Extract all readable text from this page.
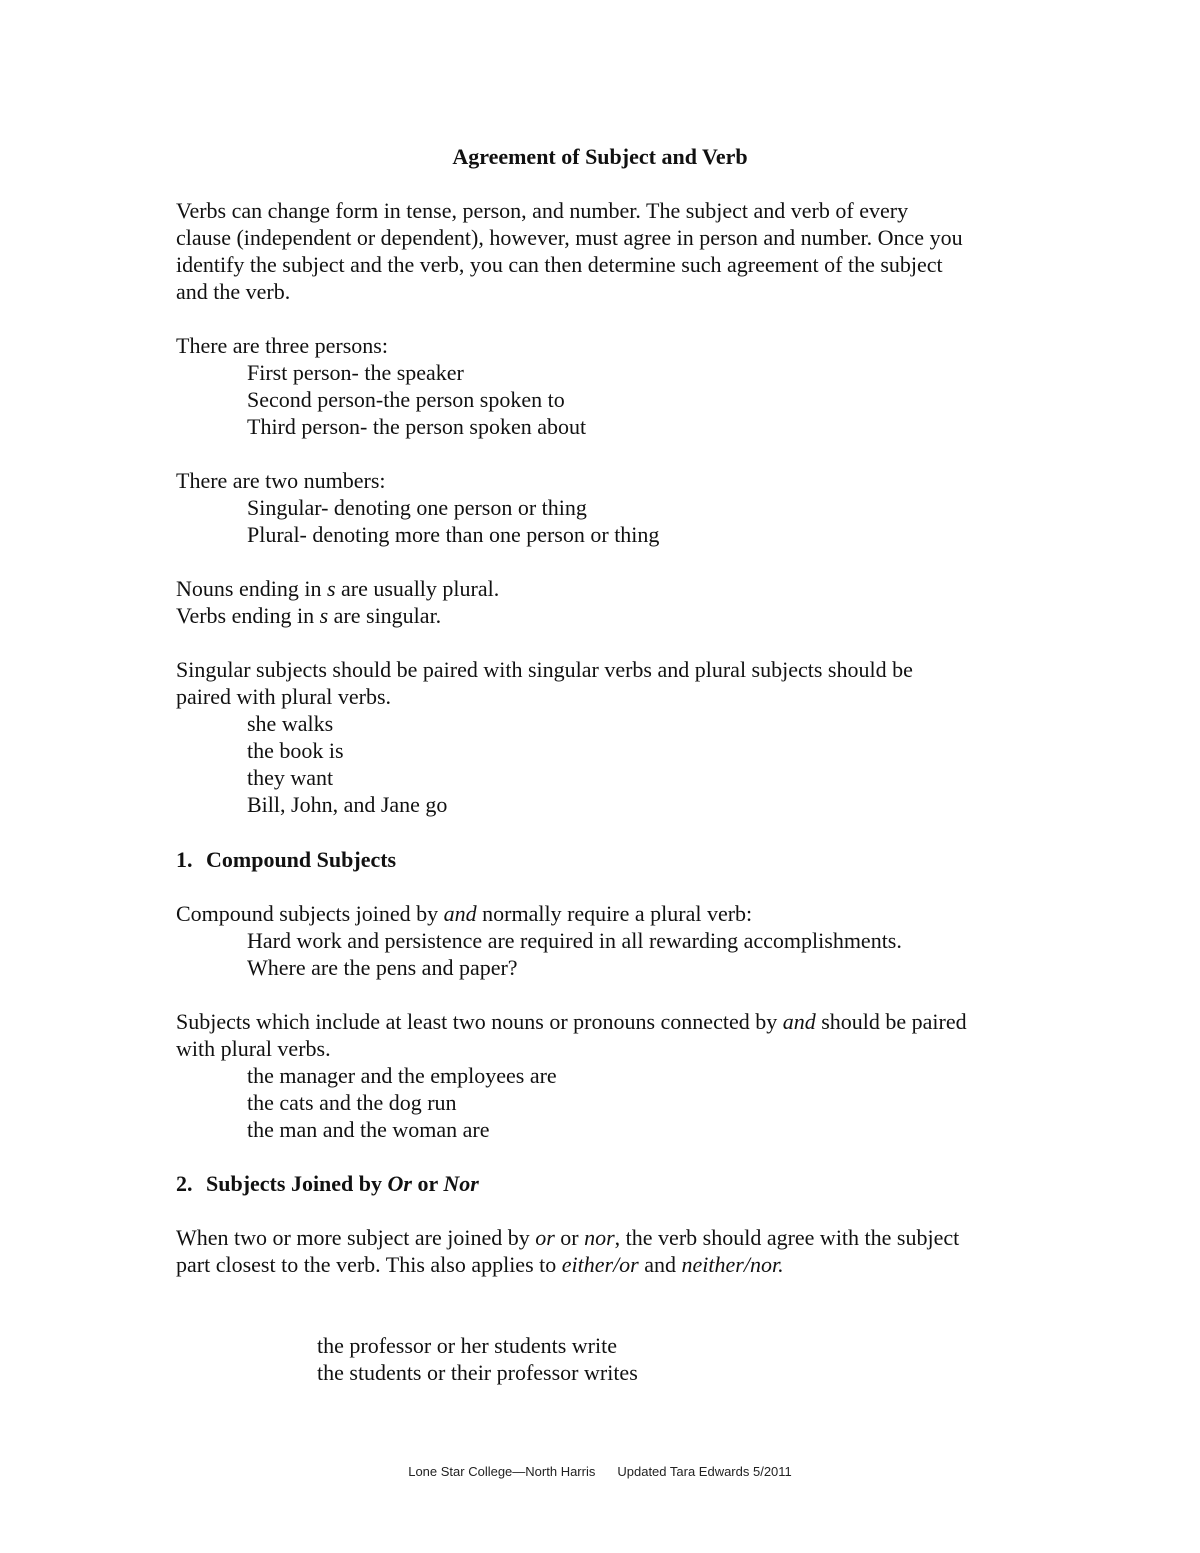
Agreement of Subject and Verb

Verbs can change form in tense, person, and number. The subject and verb of every

clause (independent or dependent), however, must agree in person and number. Once you

identify the subject and the verb, you can then determine such agreement of the subject

and the verb.

There are three persons:

First person- the speaker

Second person-the person spoken to

Third person- the person spoken about

There are two numbers:

Singular- denoting one person or thing

Plural- denoting more than one person or thing

Nouns ending in s are usually plural.

Verbs ending in s are singular.

Singular subjects should be paired with singular verbs and plural subjects should be

paired with plural verbs.

she walks

the book is

they want

Bill, John, and Jane go

1. Compound Subjects

Compound subjects joined by and normally require a plural verb:

Hard work and persistence are required in all rewarding accomplishments.

Where are the pens and paper?

Subjects which include at least two nouns or pronouns connected by and should be paired

with plural verbs.

the manager and the employees are

the cats and the dog run

the man and the woman are

2. Subjects Joined by Or or Nor

When two or more subject are joined by or or nor, the verb should agree with the subject

part closest to the verb. This also applies to either/or and neither/nor.

the professor or her students write

the students or their professor writes

Lone Star College—North Harris Updated Tara Edwards 5/2011
